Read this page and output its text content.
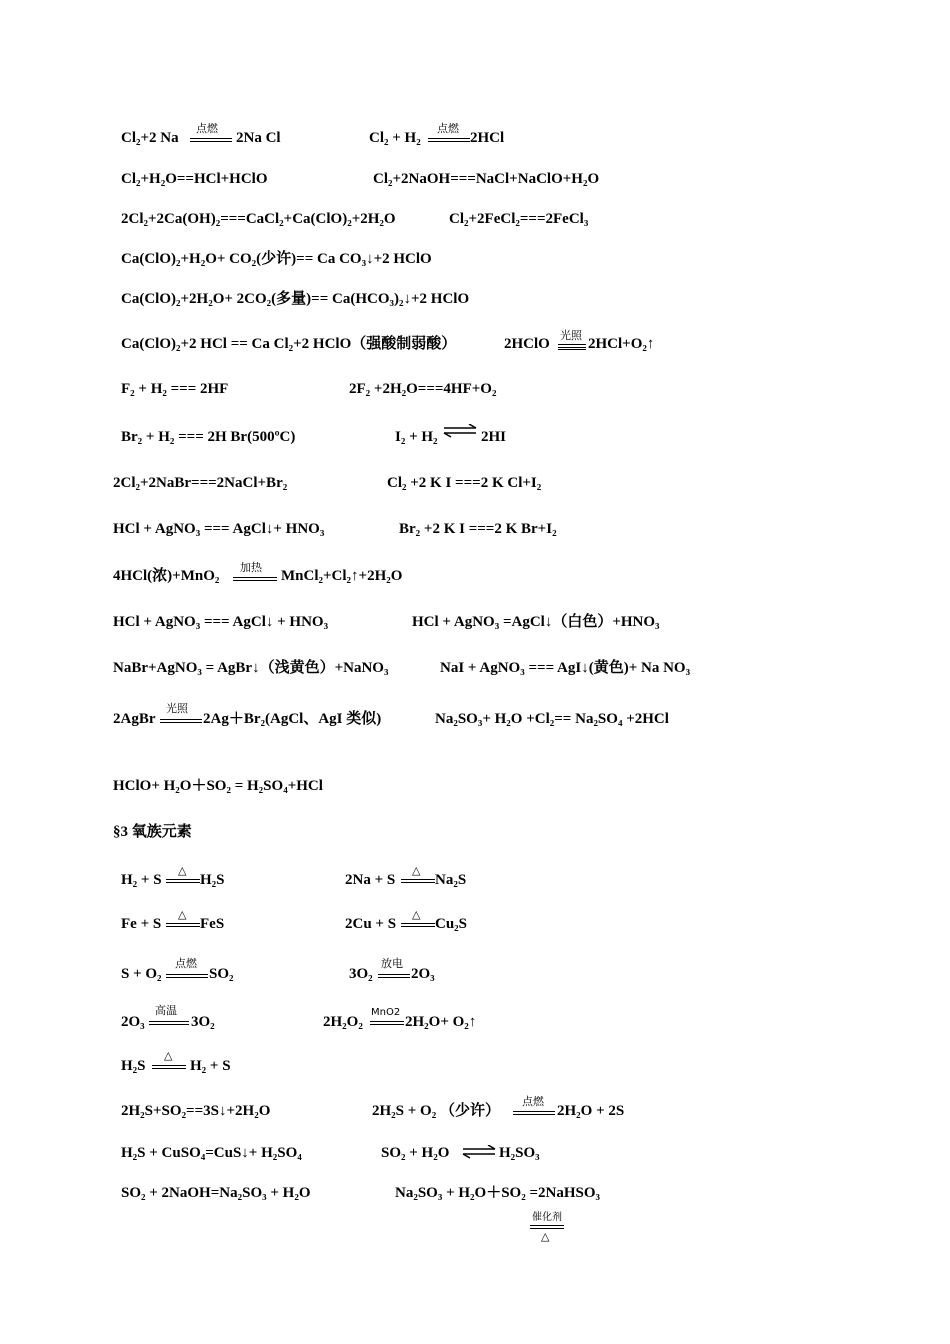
Cl₂+2 Na
点燃
2Na Cl	Cl₂ + H₂
点燃
2HCl
Cl₂+H₂O==HCl+HClO	Cl₂+2NaOH===NaCl+NaClO+H₂O
2Cl₂+2Ca(OH)₂===CaCl₂+Ca(ClO)₂+2H₂O	Cl₂+2FeCl₂===2FeCl₃
Ca(ClO)₂+H₂O+ CO₂(少许)== Ca CO₃↓+2 HClO
Ca(ClO)₂+2H₂O+ 2CO₂(多量)== Ca(HCO₃)₂↓+2 HClO
Ca(ClO)₂+2 HCl == Ca Cl₂+2 HClO（强酸制弱酸）	2HClO
光照
2HCl+O₂↑
F₂ + H₂ === 2HF	2F₂ +2H₂O===4HF+O₂
Br₂ + H₂ === 2H Br(500ºC)	I₂ + H₂ ⇌ 2HI
2Cl₂+2NaBr===2NaCl+Br₂	Cl₂ +2 K I ===2 K Cl+I₂
HCl + AgNO₃ === AgCl↓+ HNO₃	Br₂ +2 K I ===2 K Br+I₂
4HCl(浓)+MnO₂
加热
MnCl₂+Cl₂↑+2H₂O
HCl + AgNO₃ === AgCl↓ + HNO₃	HCl + AgNO₃ =AgCl↓（白色）+HNO₃
NaBr+AgNO₃ = AgBr↓（浅黄色）+NaNO₃	NaI + AgNO₃ === AgI↓(黄色)+ Na NO₃
2AgBr
光照
2Ag＋Br₂(AgCl、AgI 类似)	Na₂SO₃+ H₂O +Cl₂== Na₂SO₄ +2HCl
HClO+ H₂O＋SO₂ = H₂SO₄+HCl
§3 氧族元素
H₂ + S
△
H₂S	2Na + S
△
Na₂S
Fe + S
△
FeS	2Cu + S
△
Cu₂S
S + O₂
点燃
SO₂	3O₂
放电
2O₃
2O₃
高温
3O₂	2H₂O₂
MnO2
2H₂O+ O₂↑
H₂S
△
H₂ + S
2H₂S+SO₂==3S↓+2H₂O	2H₂S + O₂ （少许）
点燃
2H₂O + 2S
H₂S + CuSO₄=CuS↓+ H₂SO₄	SO₂ + H₂O ⇌ H₂SO₃
SO₂ + 2NaOH=Na₂SO₃ + H₂O	Na₂SO₃ + H₂O＋SO₂ =2NaHSO₃
催化剂
△
